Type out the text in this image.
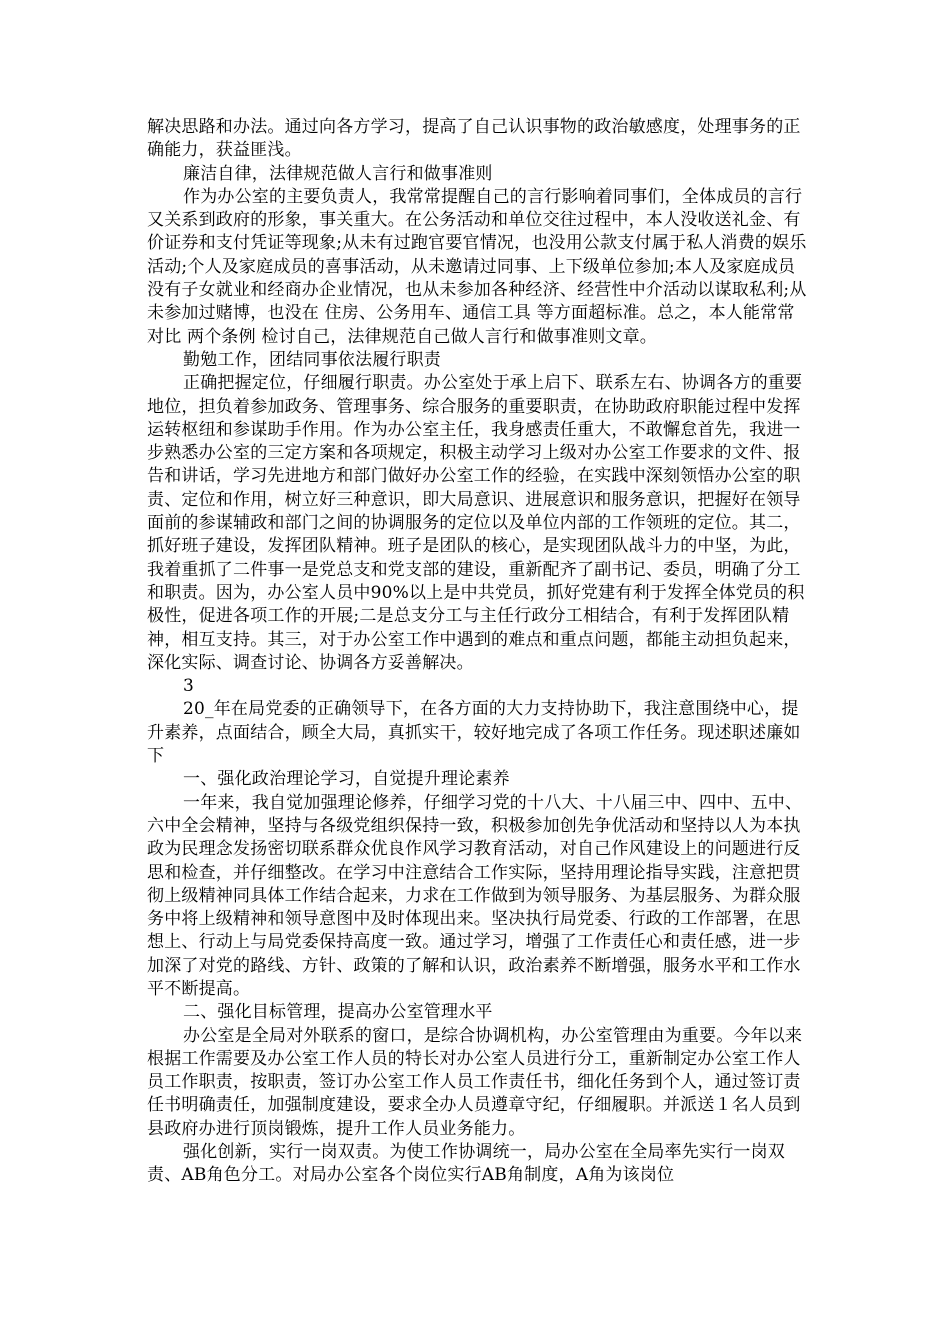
解决思路和办法。通过向各方学习，提高了自己认识事物的政治敏感度，处理事务的正确能力，获益匪浅。

廉洁自律，法律规范做人言行和做事准则

作为办公室的主要负责人，我常常提醒自己的言行影响着同事们，全体成员的言行又关系到政府的形象，事关重大。在公务活动和单位交往过程中，本人没收送礼金、有价证券和支付凭证等现象;从未有过跑官要官情况，也没用公款支付属于私人消费的娱乐活动;个人及家庭成员的喜事活动，从未邀请过同事、上下级单位参加;本人及家庭成员没有子女就业和经商办企业情况，也从未参加各种经济、经营性中介活动以谋取私利;从未参加过赌博，也没在 住房、公务用车、通信工具 等方面超标准。总之，本人能常常对比 两个条例 检讨自己，法律规范自己做人言行和做事准则文章。

勤勉工作，团结同事依法履行职责

正确把握定位，仔细履行职责。办公室处于承上启下、联系左右、协调各方的重要地位，担负着参加政务、管理事务、综合服务的重要职责，在协助政府职能过程中发挥运转枢纽和参谋助手作用。作为办公室主任，我身感责任重大，不敢懈怠首先，我进一步熟悉办公室的三定方案和各项规定，积极主动学习上级对办公室工作要求的文件、报告和讲话，学习先进地方和部门做好办公室工作的经验，在实践中深刻领悟办公室的职责、定位和作用，树立好三种意识，即大局意识、进展意识和服务意识，把握好在领导面前的参谋辅政和部门之间的协调服务的定位以及单位内部的工作领班的定位。其二，抓好班子建设，发挥团队精神。班子是团队的核心，是实现团队战斗力的中坚，为此，我着重抓了二件事一是党总支和党支部的建设，重新配齐了副书记、委员，明确了分工和职责。因为，办公室人员中90%以上是中共党员，抓好党建有利于发挥全体党员的积极性，促进各项工作的开展;二是总支分工与主任行政分工相结合，有利于发挥团队精神，相互支持。其三，对于办公室工作中遇到的难点和重点问题，都能主动担负起来，深化实际、调查讨论、协调各方妥善解决。

3

20_年在局党委的正确领导下，在各方面的大力支持协助下，我注意围绕中心，提升素养，点面结合，顾全大局，真抓实干，较好地完成了各项工作任务。现述职述廉如下

一、强化政治理论学习，自觉提升理论素养

一年来，我自觉加强理论修养，仔细学习党的十八大、十八届三中、四中、五中、六中全会精神，坚持与各级党组织保持一致，积极参加创先争优活动和坚持以人为本执政为民理念发扬密切联系群众优良作风学习教育活动，对自己作风建设上的问题进行反思和检查，并仔细整改。在学习中注意结合工作实际，坚持用理论指导实践，注意把贯彻上级精神同具体工作结合起来，力求在工作做到为领导服务、为基层服务、为群众服务中将上级精神和领导意图中及时体现出来。坚决执行局党委、行政的工作部署，在思想上、行动上与局党委保持高度一致。通过学习，增强了工作责任心和责任感，进一步加深了对党的路线、方针、政策的了解和认识，政治素养不断增强，服务水平和工作水平不断提高。

二、强化目标管理，提高办公室管理水平

办公室是全局对外联系的窗口，是综合协调机构，办公室管理由为重要。今年以来根据工作需要及办公室工作人员的特长对办公室人员进行分工，重新制定办公室工作人员工作职责，按职责，签订办公室工作人员工作责任书，细化任务到个人，通过签订责任书明确责任，加强制度建设，要求全办人员遵章守纪，仔细履职。并派送１名人员到县政府办进行顶岗锻炼，提升工作人员业务能力。

强化创新，实行一岗双责。为使工作协调统一，局办公室在全局率先实行一岗双责、AB角色分工。对局办公室各个岗位实行AB角制度，A角为该岗位
